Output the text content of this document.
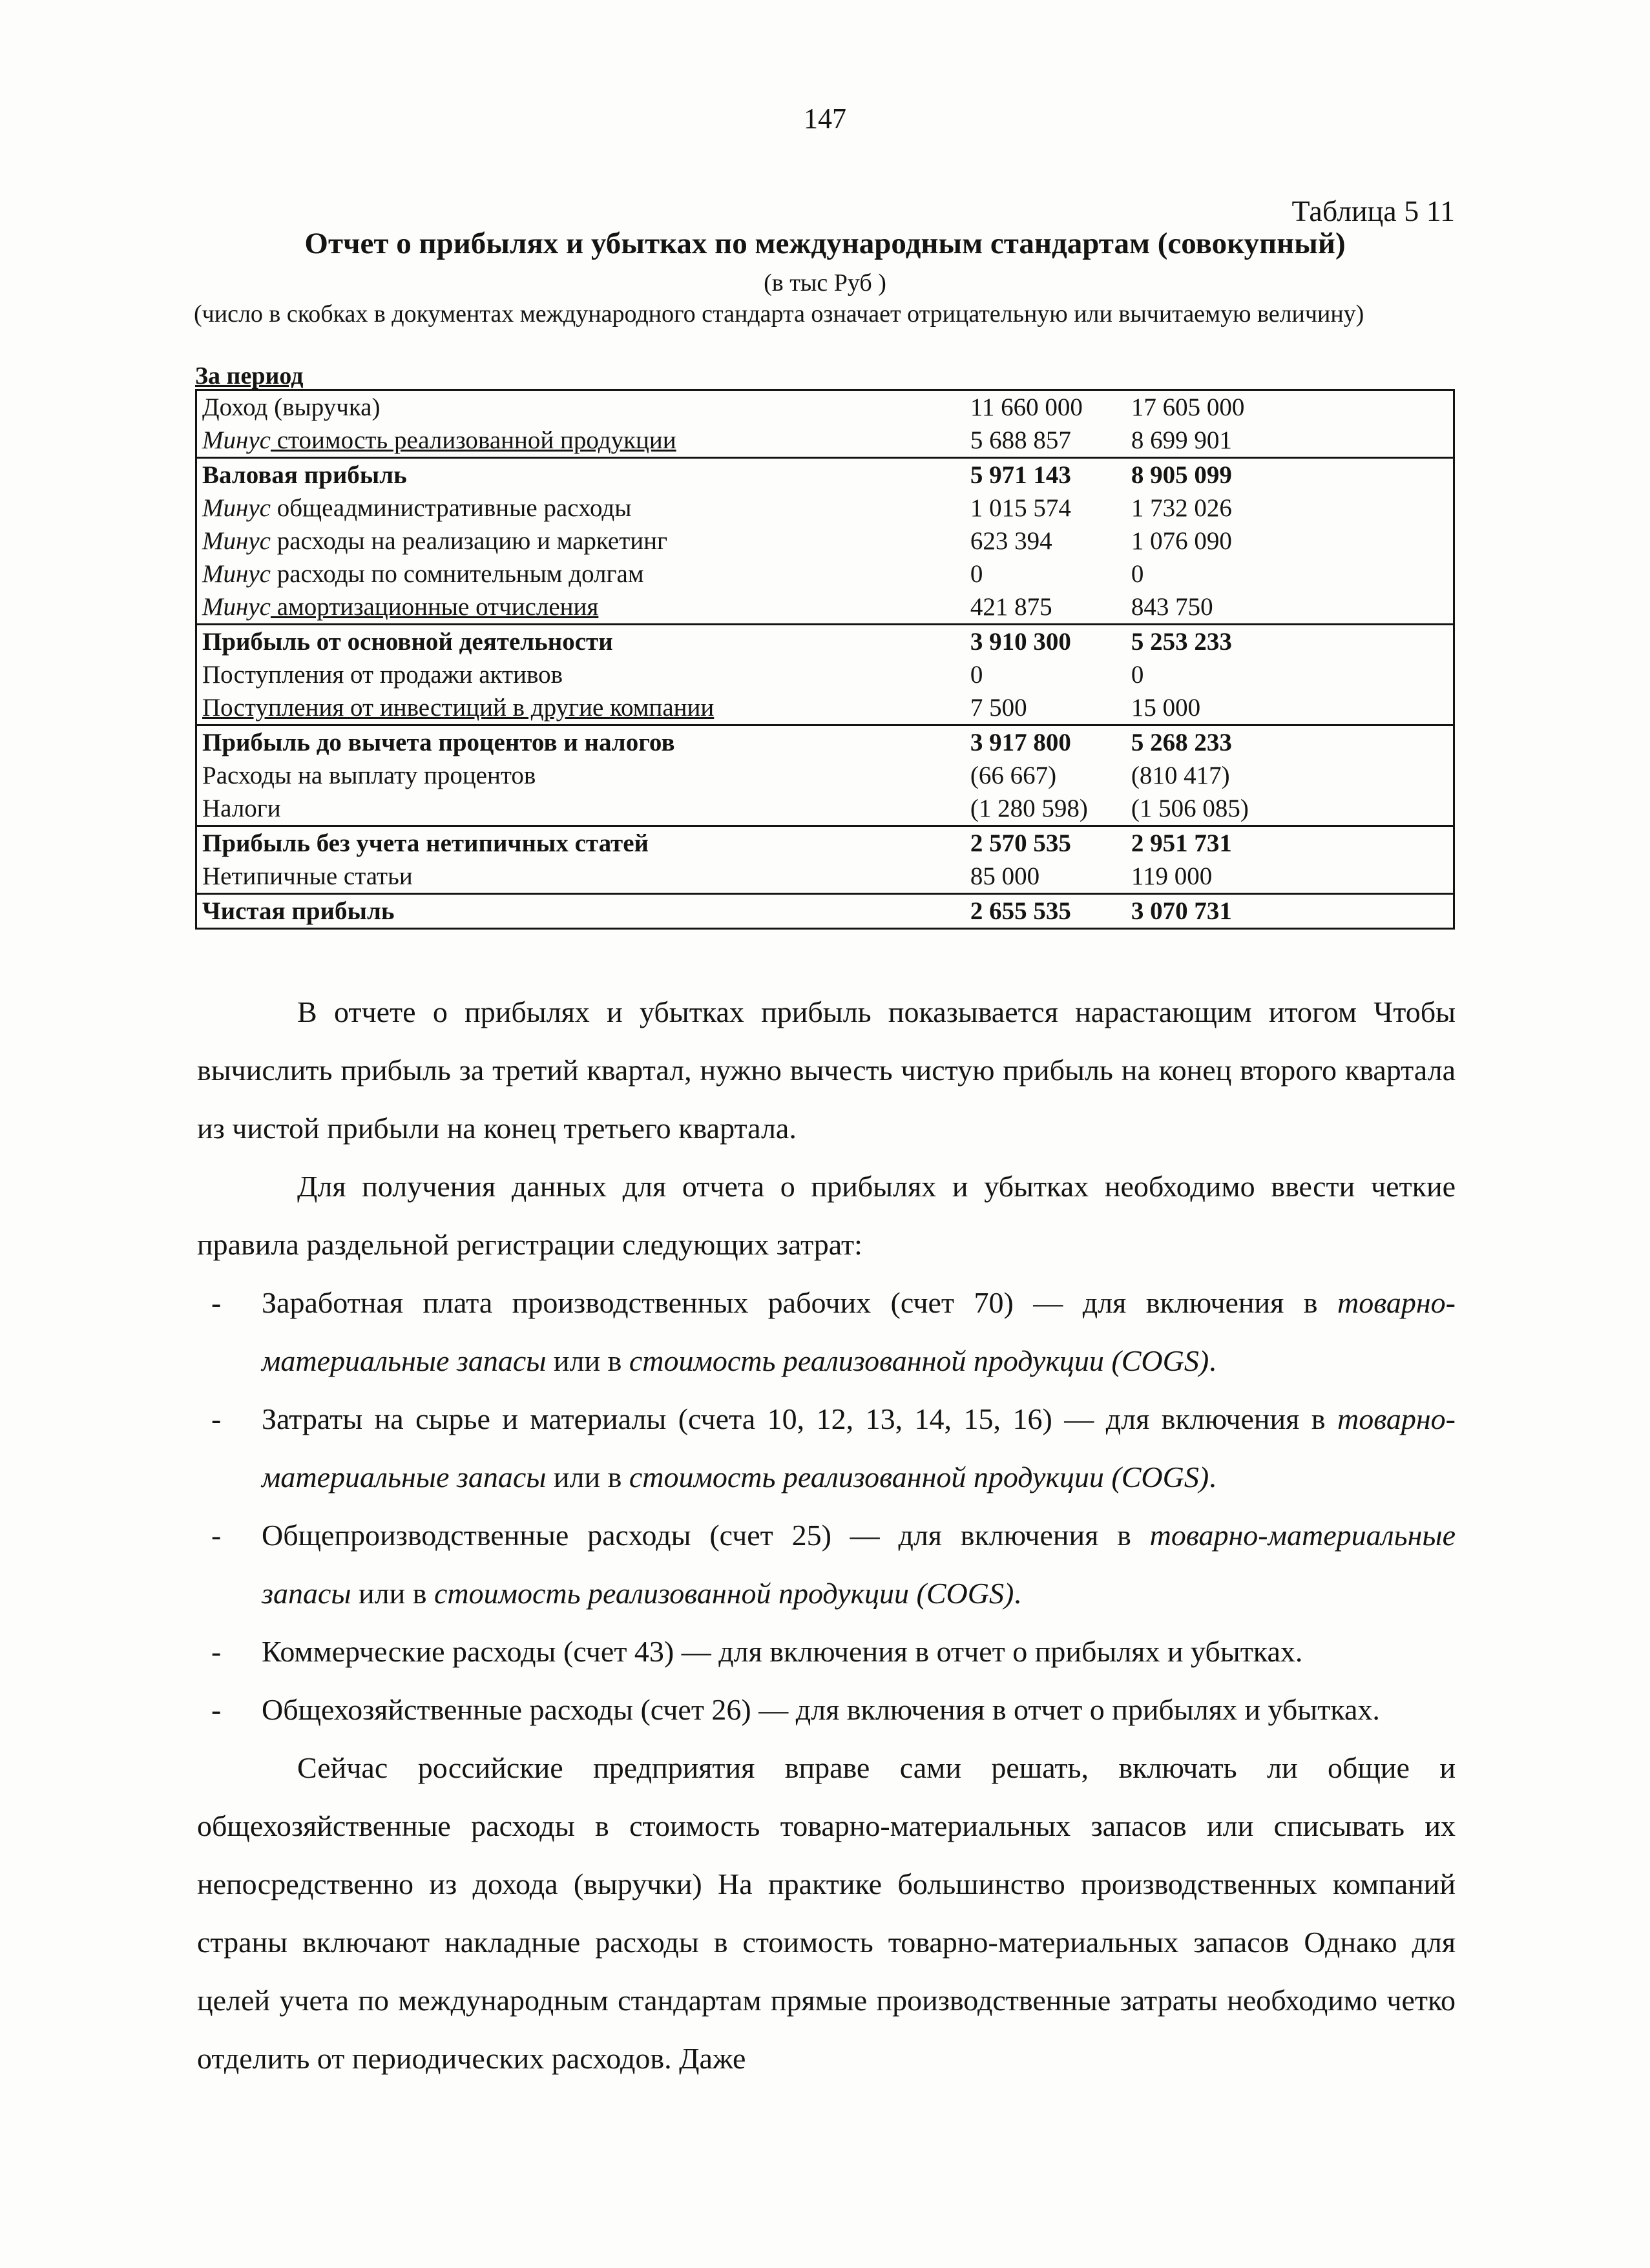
147
Таблица 5 11
Отчет о прибылях и убытках по международным стандартам (совокупный)
(в тыс Руб )
(число в скобках в документах международного стандарта означает отрицательную или вычитаемую величину)
За период
Доход (выручка)	11 660 000	17 605 000
Минус стоимость реализованной продукции	5 688 857	8 699 901
Валовая прибыль	5 971 143	8 905 099
Минус общеадминистративные расходы	1 015 574	1 732 026
Минус расходы на реализацию и маркетинг	623 394	1 076 090
Минус расходы по сомнительным долгам	0	0
Минус амортизационные отчисления	421 875	843 750
Прибыль от основной деятельности	3 910 300	5 253 233
Поступления от продажи активов	0	0
Поступления от инвестиций в другие компании	7 500	15 000
Прибыль до вычета процентов и налогов	3 917 800	5 268 233
Расходы на выплату процентов	(66 667)	(810 417)
Налоги	(1 280 598)	(1 506 085)
Прибыль без учета нетипичных статей	2 570 535	2 951 731
Нетипичные статьи	85 000	119 000
Чистая прибыль	2 655 535	3 070 731

В отчете о прибылях и убытках прибыль показывается нарастающим итогом Чтобы вычислить прибыль за третий квартал, нужно вычесть чистую прибыль на конец второго квартала из чистой прибыли на конец третьего квартала.

Для получения данных для отчета о прибылях и убытках необходимо ввести четкие правила раздельной регистрации следующих затрат:

- Заработная плата производственных рабочих (счет 70) — для включения в товарно-материальные запасы или в стоимость реализованной продукции (COGS).
- Затраты на сырье и материалы (счета 10, 12, 13, 14, 15, 16) — для включения в товарно-материальные запасы или в стоимость реализованной продукции (COGS).
- Общепроизводственные расходы (счет 25) — для включения в товарно-материальные запасы или в стоимость реализованной продукции (COGS).
- Коммерческие расходы (счет 43) — для включения в отчет о прибылях и убытках.
- Общехозяйственные расходы (счет 26) — для включения в отчет о прибылях и убытках.

Сейчас российские предприятия вправе сами решать, включать ли общие и общехозяйственные расходы в стоимость товарно-материальных запасов или списывать их непосредственно из дохода (выручки) На практике большинство производственных компаний страны включают накладные расходы в стоимость товарно-материальных запасов Однако для целей учета по международным стандартам прямые производственные затраты необходимо четко отделить от периодических расходов. Даже
